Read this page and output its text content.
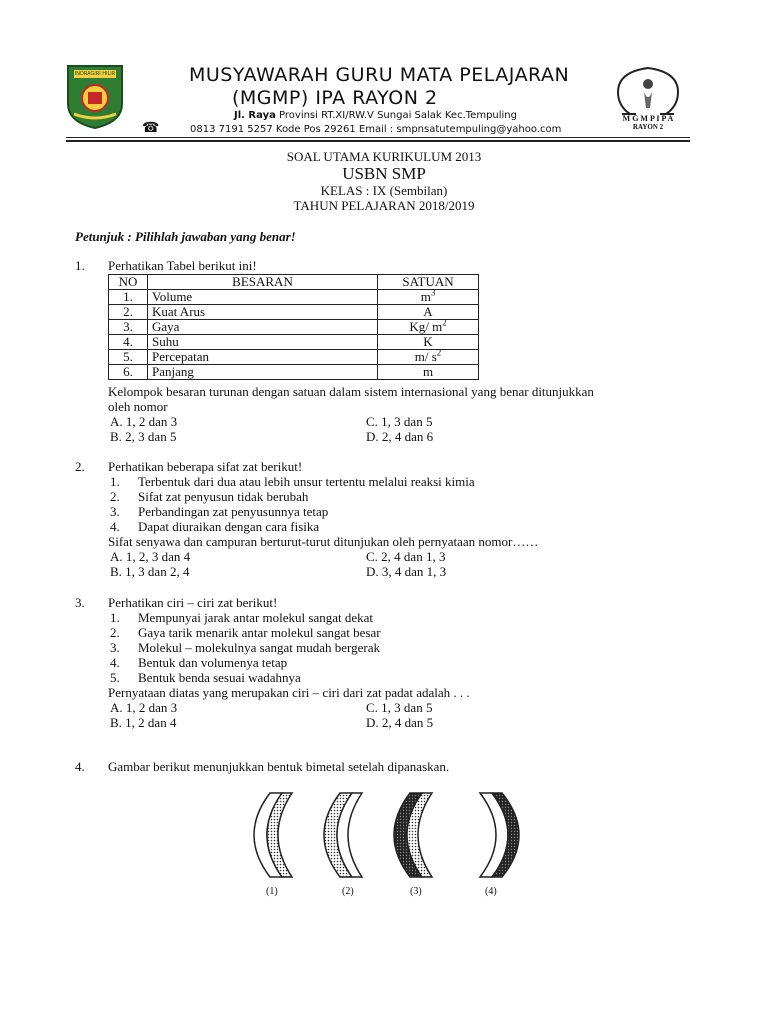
INDRAGIRI HILIR	MUSYAWARAH GURU MATA PELAJARAN
(MGMP) IPA RAYON 2
Jl. Raya Provinsi RT.XI/RW.V Sungai Salak Kec.Tempuling
☎	0813 7191 5257 Kode Pos 29261 Email : smpnsatutempuling@yahoo.com
M G M P I P A
RAYON 2
SOAL UTAMA KURIKULUM 2013
USBN SMP
KELAS : IX (Sembilan)
TAHUN PELAJARAN 2018/2019
Petunjuk : Pilihlah jawaban yang benar!
1. Perhatikan Tabel berikut ini!
NO	BESARAN	SATUAN
1.	Volume	$m^3$
2.	Kuat Arus	A
3.	Gaya	Kg/ $m^2$
4.	Suhu	K
5.	Percepatan	m/ $s^2$
6.	Panjang	m
Kelompok besaran turunan dengan satuan dalam sistem internasional yang benar ditunjukkan
oleh nomor
A. 1, 2 dan 3
B. 2, 3 dan 5
C. 1, 3 dan 5
D. 2, 4 dan 6
2. Perhatikan beberapa sifat zat berikut!
1. Terbentuk dari dua atau lebih unsur tertentu melalui reaksi kimia
2. Sifat zat penyusun tidak berubah
3. Perbandingan zat penyusunnya tetap
4. Dapat diuraikan dengan cara fisika
Sifat senyawa dan campuran berturut-turut ditunjukan oleh pernyataan nomor……
A. 1, 2, 3 dan 4
B. 1, 3 dan 2, 4
C. 2, 4 dan 1, 3
D. 3, 4 dan 1, 3
3. Perhatikan ciri – ciri zat berikut!
1. Mempunyai jarak antar molekul sangat dekat
2. Gaya tarik menarik antar molekul sangat besar
3. Molekul – molekulnya sangat mudah bergerak
4. Bentuk dan volumenya tetap
5. Bentuk benda sesuai wadahnya
Pernyataan diatas yang merupakan ciri – ciri dari zat padat adalah . . .
A. 1, 2 dan 3
B. 1, 2 dan 4
C. 1, 3 dan 5
D. 2, 4 dan 5
4. Gambar berikut menunjukkan bentuk bimetal setelah dipanaskan.
(1)	(2)	(3)	(4)
